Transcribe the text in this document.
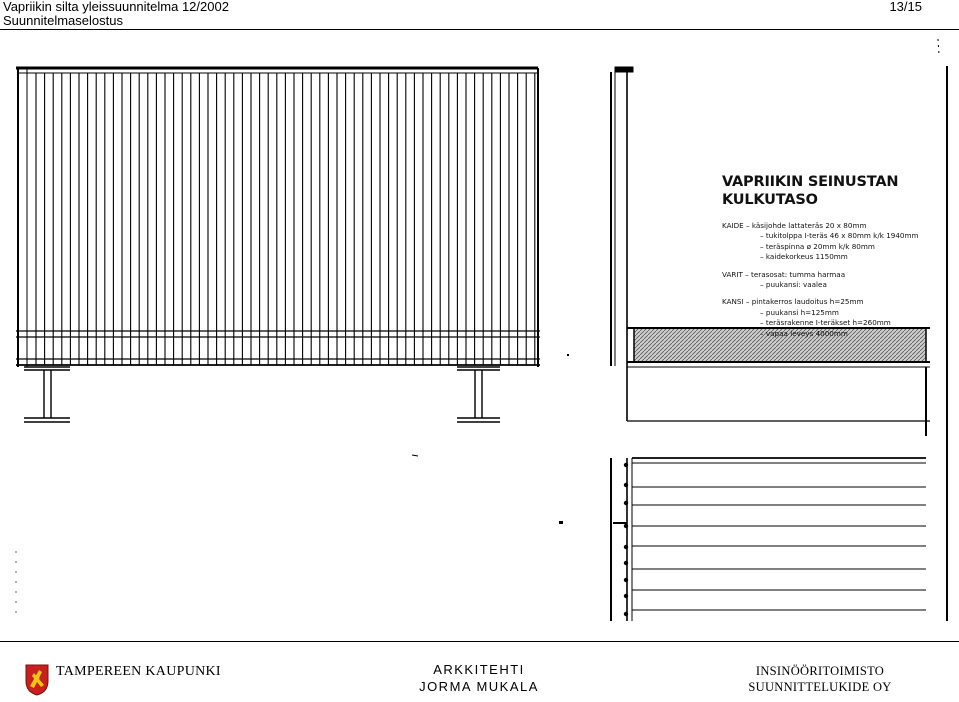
Vapriikin silta yleissuunnitelma 12/2002
Suunnitelmaselostus
13/15
VAPRIIKIN SEINUSTAN
KULKUTASO
KAIDE – käsijohde lattateräs 20 x 80mm
– tukitolppa I-teräs 46 x 80mm k/k 1940mm
– teräspinna ø 20mm k/k 80mm
– kaidekorkeus 1150mm
VARIT – terasosat: tumma harmaa
– puukansi: vaalea
KANSI – pintakerros laudoitus h=25mm
– puukansi h=125mm
– teräsrakenne I-teräkset h=260mm
– vapaa leveys 4000mm
TAMPEREEN KAUPUNKI	ARKKITEHTI
JORMA MUKALA
INSINÖÖRITOIMISTO
SUUNNITTELUKIDE OY
